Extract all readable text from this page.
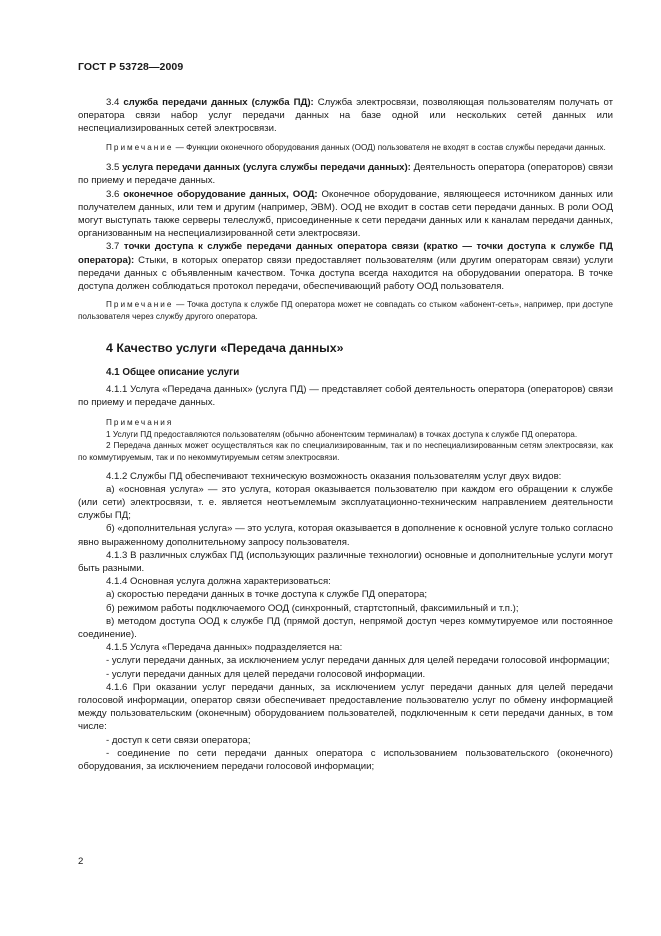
ГОСТ Р 53728—2009

3.4 служба передачи данных (служба ПД): Служба электросвязи, позволяющая пользователям получать от оператора связи набор услуг передачи данных на базе одной или нескольких сетей данных или неспециализированных сетей электросвязи.

Примечание — Функции оконечного оборудования данных (ООД) пользователя не входят в состав службы передачи данных.

3.5 услуга передачи данных (услуга службы передачи данных): Деятельность оператора (операторов) связи по приему и передаче данных.

3.6 оконечное оборудование данных, ООД: Оконечное оборудование, являющееся источником данных или получателем данных, или тем и другим (например, ЭВМ). ООД не входит в состав сети передачи данных. В роли ООД могут выступать также серверы телеслужб, присоединенные к сети передачи данных или к каналам передачи данных, организованным на неспециализированной сети электросвязи.

3.7 точки доступа к службе передачи данных оператора связи (кратко — точки доступа к службе ПД оператора): Стыки, в которых оператор связи предоставляет пользователям (или другим операторам связи) услуги передачи данных с объявленным качеством. Точка доступа всегда находится на оборудовании оператора. В точке доступа должен соблюдаться протокол передачи, обеспечивающий работу ООД пользователя.

Примечание — Точка доступа к службе ПД оператора может не совпадать со стыком «абонент-сеть», например, при доступе пользователя через службу другого оператора.

4 Качество услуги «Передача данных»
4.1 Общее описание услуги

4.1.1 Услуга «Передача данных» (услуга ПД) — представляет собой деятельность оператора (операторов) связи по приему и передаче данных.

Примечания

1 Услуги ПД предоставляются пользователям (обычно абонентским терминалам) в точках доступа к службе ПД оператора.

2 Передача данных может осуществляться как по специализированным, так и по неспециализированным сетям электросвязи, как по коммутируемым, так и по некоммутируемым сетям электросвязи.

4.1.2 Службы ПД обеспечивают техническую возможность оказания пользователям услуг двух видов:

а) «основная услуга» — это услуга, которая оказывается пользователю при каждом его обращении к службе (или сети) электросвязи, т. е. является неотъемлемым эксплуатационно-техническим направлением деятельности службы ПД;

б) «дополнительная услуга» — это услуга, которая оказывается в дополнение к основной услуге только согласно явно выраженному дополнительному запросу пользователя.

4.1.3 В различных службах ПД (использующих различные технологии) основные и дополнительные услуги могут быть разными.

4.1.4 Основная услуга должна характеризоваться:

а) скоростью передачи данных в точке доступа к службе ПД оператора;

б) режимом работы подключаемого ООД (синхронный, стартстопный, факсимильный и т.п.);

в) методом доступа ООД к службе ПД (прямой доступ, непрямой доступ через коммутируемое или постоянное соединение).

4.1.5 Услуга «Передача данных» подразделяется на:

- услуги передачи данных, за исключением услуг передачи данных для целей передачи голосовой информации;

- услуги передачи данных для целей передачи голосовой информации.

4.1.6 При оказании услуг передачи данных, за исключением услуг передачи данных для целей передачи голосовой информации, оператор связи обеспечивает предоставление пользователю услуг по обмену информацией между пользовательским (оконечным) оборудованием пользователей, подключенным к сети передачи данных, в том числе:

- доступ к сети связи оператора;

- соединение по сети передачи данных оператора с использованием пользовательского (оконечного) оборудования, за исключением передачи голосовой информации;

2
